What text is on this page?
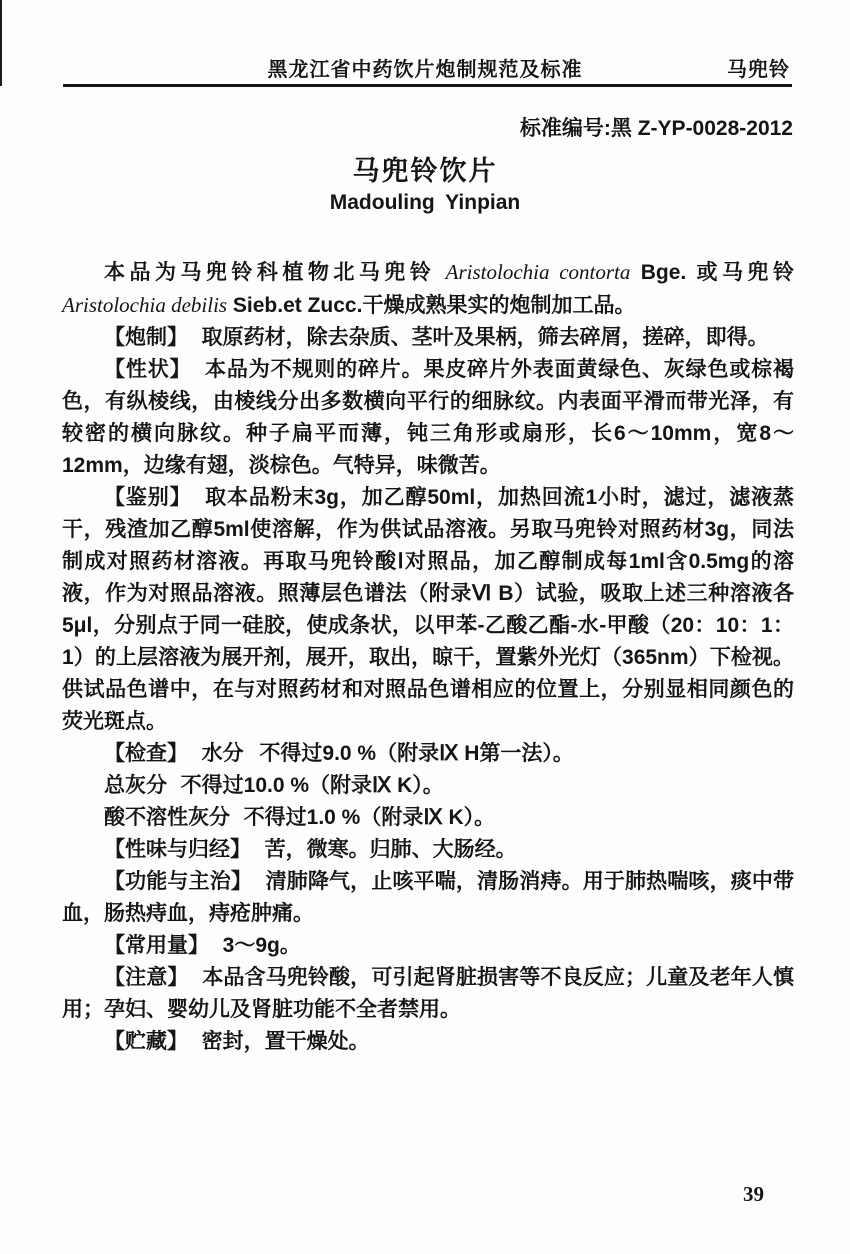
黑龙江省中药饮片炮制规范及标准	马兜铃
标准编号:黑 Z-YP-0028-2012
马兜铃饮片
Madouling Yinpian

本品为马兜铃科植物北马兜铃 Aristolochia contorta Bge. 或马兜铃 Aristolochia debilis Sieb.et Zucc.干燥成熟果实的炮制加工品。

【炮制】 取原药材，除去杂质、茎叶及果柄，筛去碎屑，搓碎，即得。

【性状】 本品为不规则的碎片。果皮碎片外表面黄绿色、灰绿色或棕褐色，有纵棱线，由棱线分出多数横向平行的细脉纹。内表面平滑而带光泽，有较密的横向脉纹。种子扁平而薄，钝三角形或扇形，长6～10mm，宽8～12mm，边缘有翅，淡棕色。气特异，味微苦。

【鉴别】 取本品粉末3g，加乙醇50ml，加热回流1小时，滤过，滤液蒸干，残渣加乙醇5ml使溶解，作为供试品溶液。另取马兜铃对照药材3g，同法制成对照药材溶液。再取马兜铃酸Ⅰ对照品，加乙醇制成每1ml含0.5mg的溶液，作为对照品溶液。照薄层色谱法（附录Ⅵ B）试验，吸取上述三种溶液各5μl，分别点于同一硅胶，使成条状，以甲苯-乙酸乙酯-水-甲酸（20：10：1：1）的上层溶液为展开剂，展开，取出，晾干，置紫外光灯（365nm）下检视。供试品色谱中，在与对照药材和对照品色谱相应的位置上，分别显相同颜色的荧光斑点。

【检查】 水分 不得过9.0 %（附录Ⅸ H第一法）。

总灰分 不得过10.0 %（附录Ⅸ K）。

酸不溶性灰分 不得过1.0 %（附录Ⅸ K）。

【性味与归经】 苦，微寒。归肺、大肠经。

【功能与主治】 清肺降气，止咳平喘，清肠消痔。用于肺热喘咳，痰中带血，肠热痔血，痔疮肿痛。

【常用量】 3～9g。

【注意】 本品含马兜铃酸，可引起肾脏损害等不良反应；儿童及老年人慎用；孕妇、婴幼儿及肾脏功能不全者禁用。

【贮藏】 密封，置干燥处。

39
